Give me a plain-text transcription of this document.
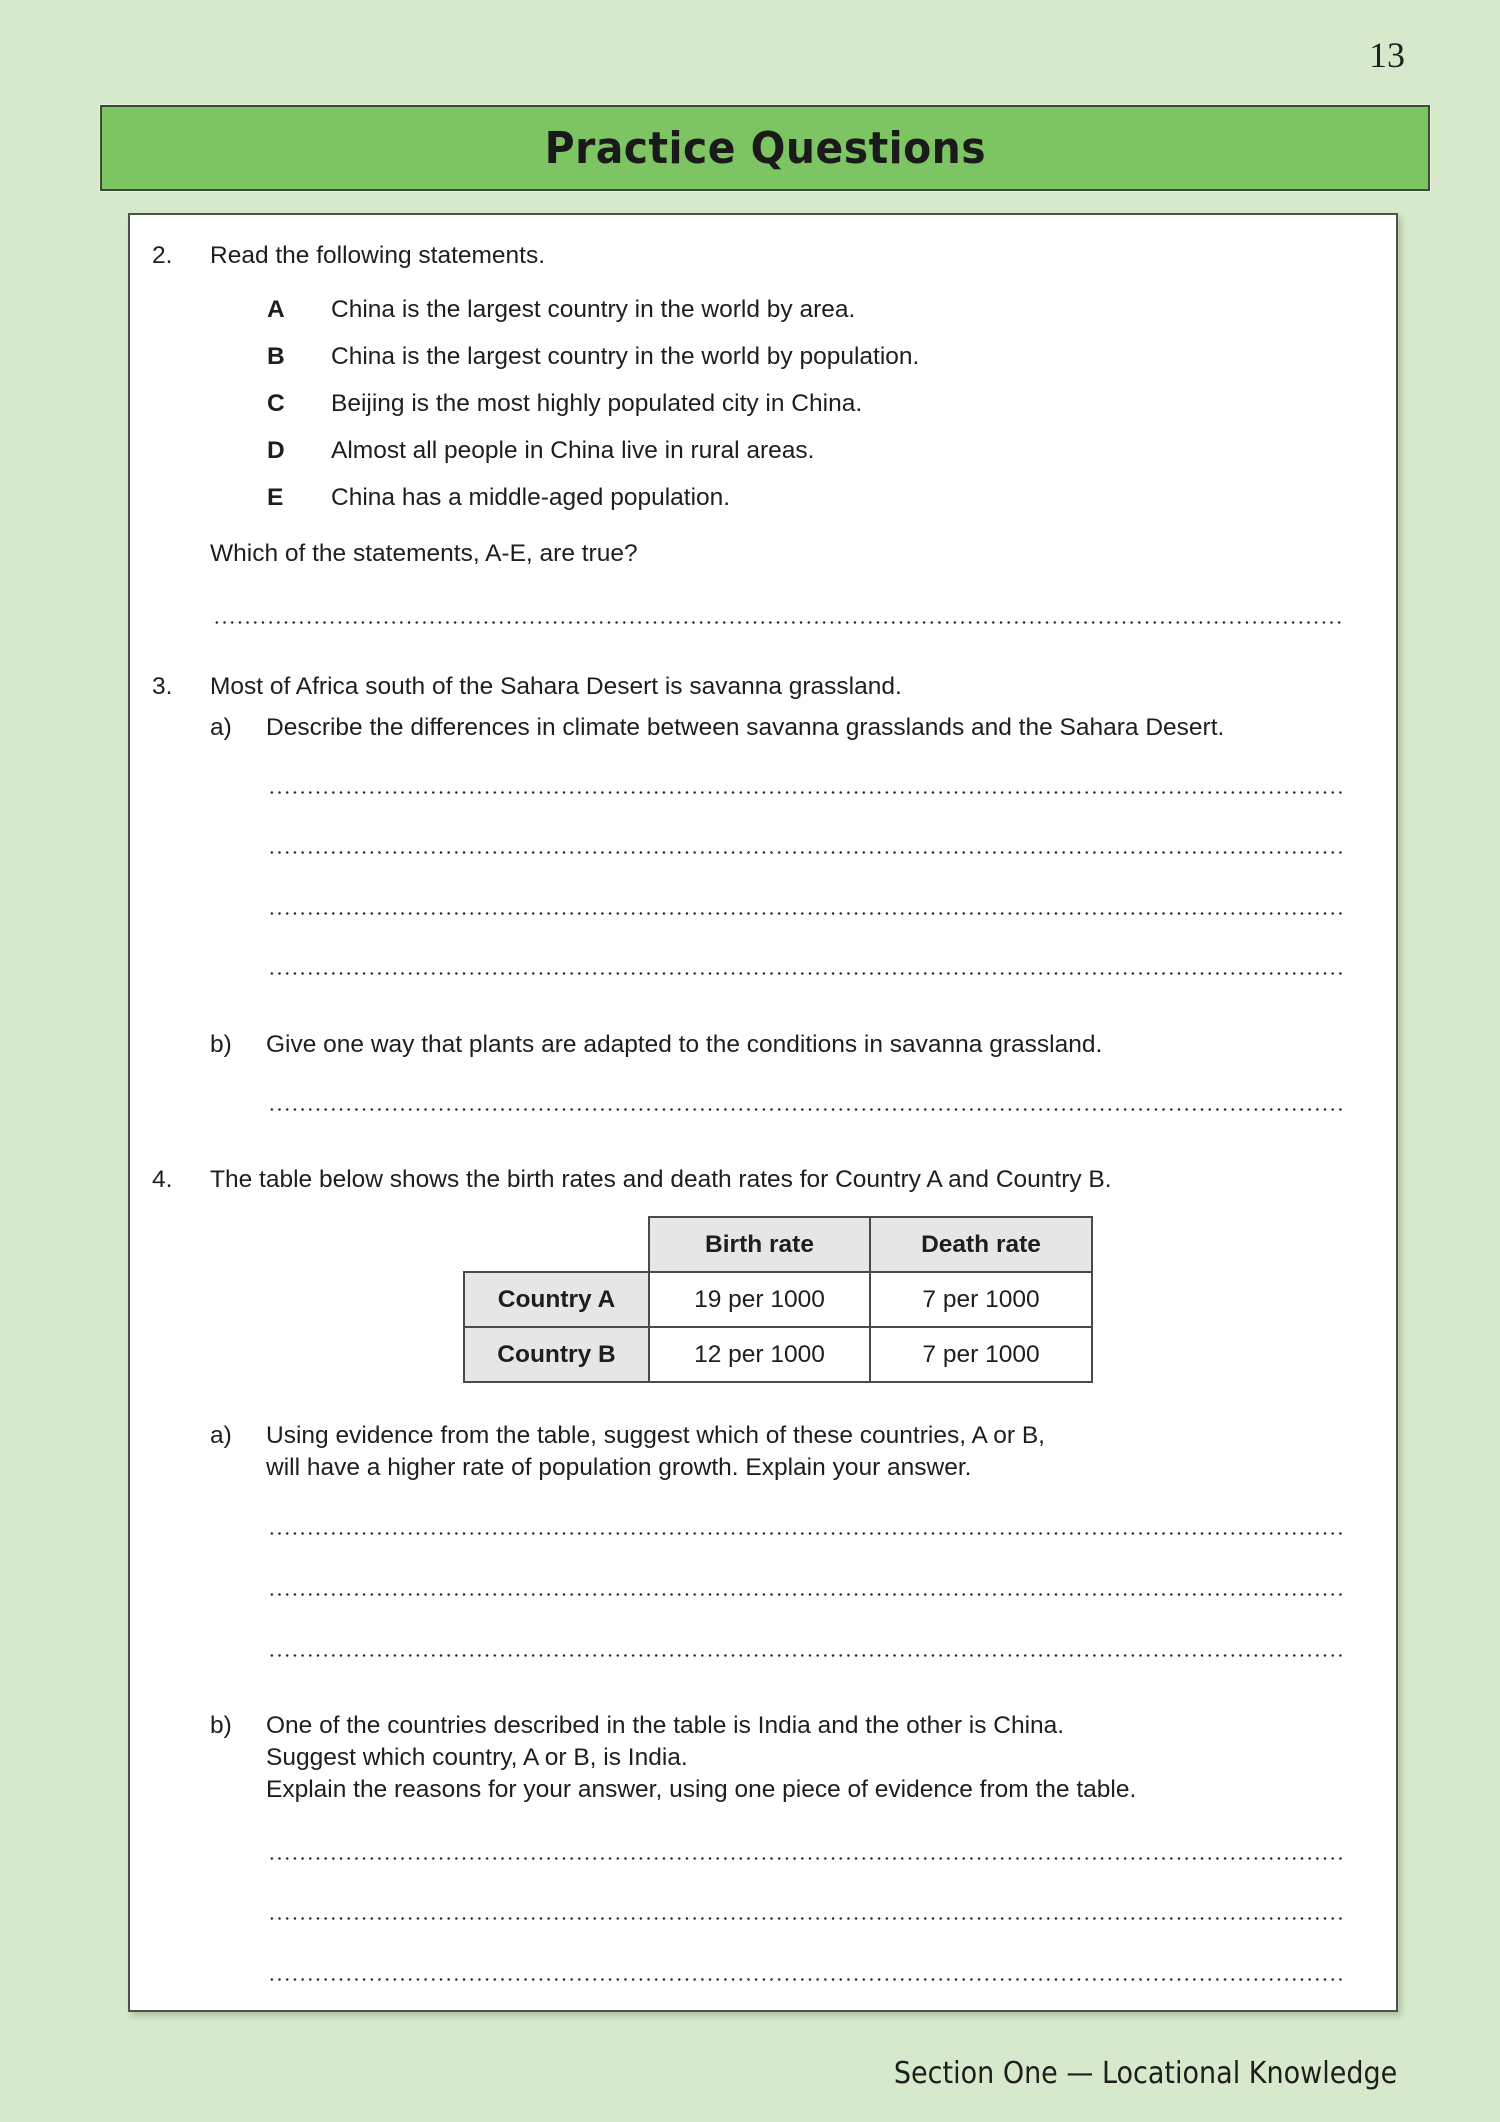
13
Practice Questions
2. Read the following statements.
A China is the largest country in the world by area.
B China is the largest country in the world by population.
C Beijing is the most highly populated city in China.
D Almost all people in China live in rural areas.
E China has a middle-aged population.
Which of the statements, A-E, are true?
3. Most of Africa south of the Sahara Desert is savanna grassland.
a) Describe the differences in climate between savanna grasslands and the Sahara Desert.
b) Give one way that plants are adapted to the conditions in savanna grassland.
4. The table below shows the birth rates and death rates for Country A and Country B.
	Birth rate	Death rate
Country A	19 per 1000	7 per 1000
Country B	12 per 1000	7 per 1000
a) Using evidence from the table, suggest which of these countries, A or B,
will have a higher rate of population growth. Explain your answer.
b) One of the countries described in the table is India and the other is China.
Suggest which country, A or B, is India.
Explain the reasons for your answer, using one piece of evidence from the table.
Section One — Locational Knowledge
